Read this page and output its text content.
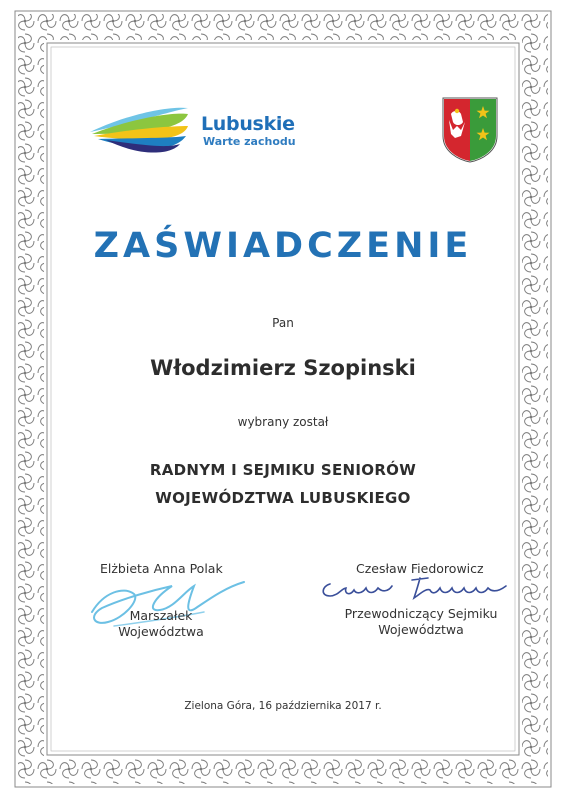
Lubuskie
Warte zachodu
ZAŚWIADCZENIE
Pan
Włodzimierz Szopinski
wybrany został
RADNYM I SEJMIKU SENIORÓW
WOJEWÓDZTWA LUBUSKIEGO
Elżbieta Anna Polak
Marszałek
Województwa
Czesław Fiedorowicz
Przewodniczący Sejmiku
Województwa
Zielona Góra, 16 października 2017 r.
